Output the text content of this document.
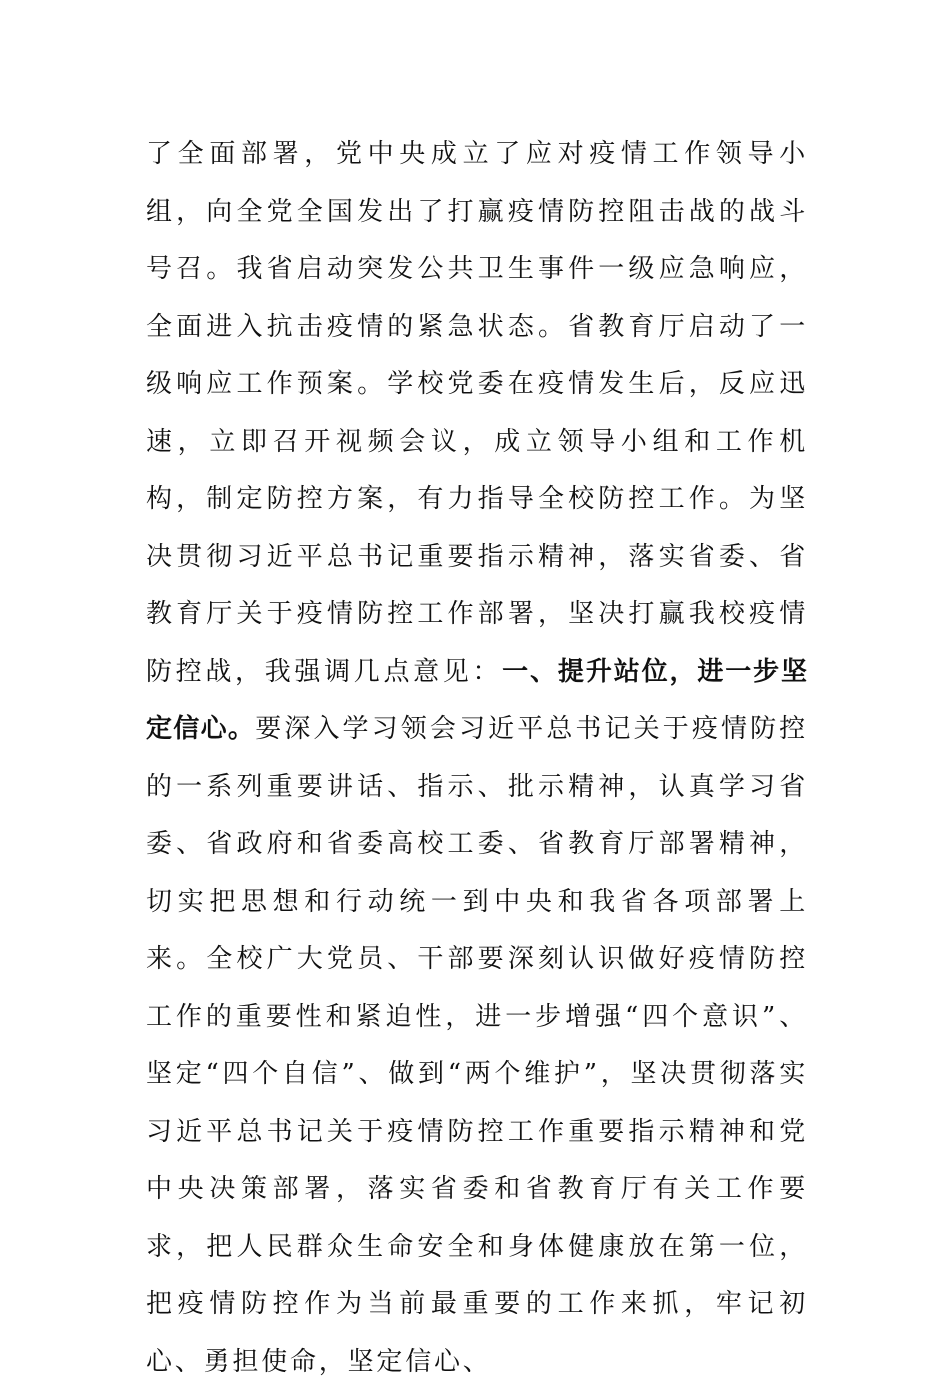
了全面部署，党中央成立了应对疫情工作领导小组，向全党全国发出了打赢疫情防控阻击战的战斗号召。我省启动突发公共卫生事件一级应急响应，全面进入抗击疫情的紧急状态。省教育厅启动了一级响应工作预案。学校党委在疫情发生后，反应迅速，立即召开视频会议，成立领导小组和工作机构，制定防控方案，有力指导全校防控工作。为坚决贯彻习近平总书记重要指示精神，落实省委、省教育厅关于疫情防控工作部署，坚决打赢我校疫情防控战，我强调几点意见：一、提升站位，进一步坚定信心。要深入学习领会习近平总书记关于疫情防控的一系列重要讲话、指示、批示精神，认真学习省委、省政府和省委高校工委、省教育厅部署精神，切实把思想和行动统一到中央和我省各项部署上来。全校广大党员、干部要深刻认识做好疫情防控工作的重要性和紧迫性，进一步增强“四个意识”、坚定“四个自信”、做到“两个维护”，坚决贯彻落实习近平总书记关于疫情防控工作重要指示精神和党中央决策部署，落实省委和省教育厅有关工作要求，把人民群众生命安全和身体健康放在第一位，把疫情防控作为当前最重要的工作来抓，牢记初心、勇担使命，坚定信心、
